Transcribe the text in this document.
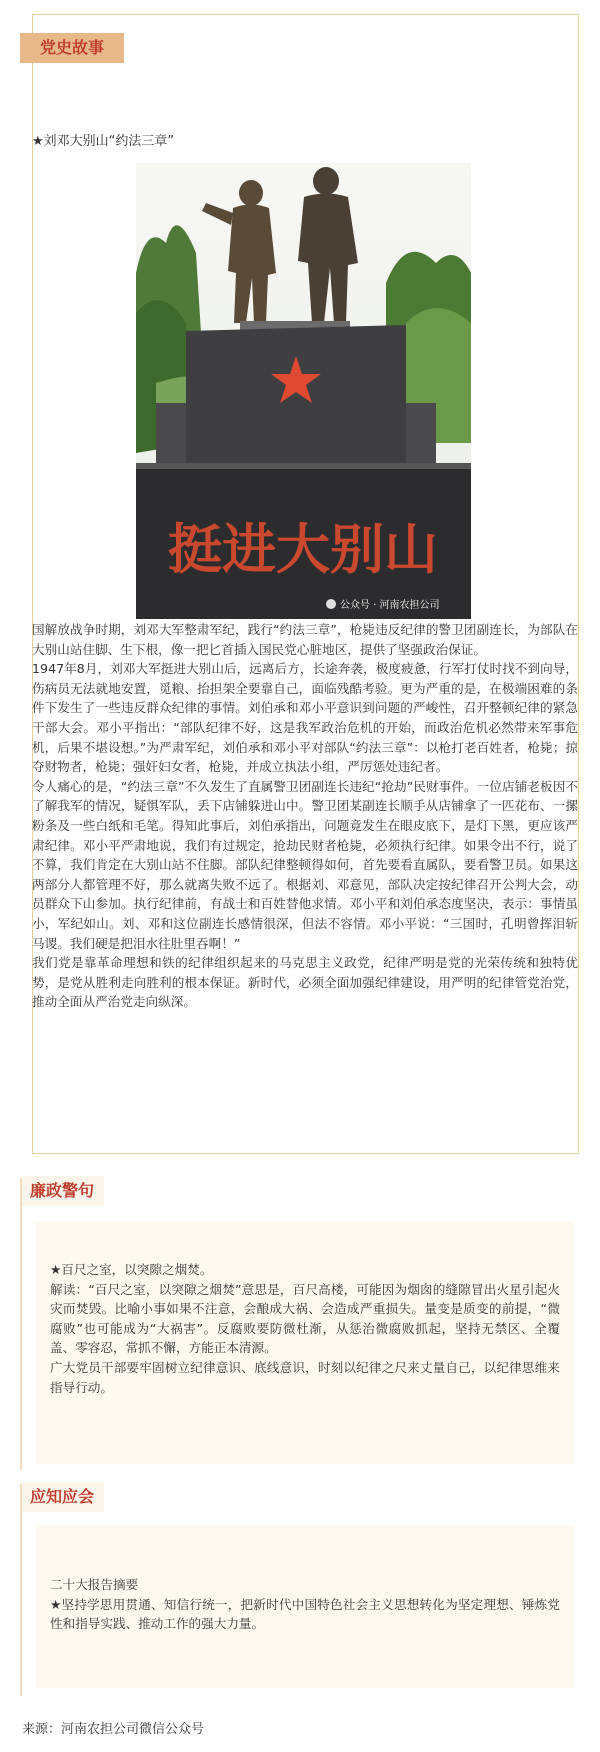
党史故事
★刘邓大别山“约法三章”
挺进大别山
公众号 · 河南农担公司

国解放战争时期，刘邓大军整肃军纪，践行“约法三章”，枪毙违反纪律的警卫团副连长，为部队在大别山站住脚、生下根，像一把匕首插入国民党心脏地区，提供了坚强政治保证。

1947年8月，刘邓大军挺进大别山后，远离后方，长途奔袭，极度疲惫，行军打仗时找不到向导，伤病员无法就地安置，觅粮、抬担架全要靠自己，面临残酷考验。更为严重的是，在极端困难的条件下发生了一些违反群众纪律的事情。刘伯承和邓小平意识到问题的严峻性，召开整顿纪律的紧急干部大会。邓小平指出：“部队纪律不好，这是我军政治危机的开始，而政治危机必然带来军事危机，后果不堪设想。”为严肃军纪，刘伯承和邓小平对部队“约法三章”：以枪打老百姓者，枪毙；掠夺财物者，枪毙；强奸妇女者，枪毙，并成立执法小组，严厉惩处违纪者。

令人痛心的是，“约法三章”不久发生了直属警卫团副连长违纪“抢劫”民财事件。一位店铺老板因不了解我军的情况，疑惧军队，丢下店铺躲进山中。警卫团某副连长顺手从店铺拿了一匹花布、一摞粉条及一些白纸和毛笔。得知此事后，刘伯承指出，问题竟发生在眼皮底下，是灯下黑，更应该严肃纪律。邓小平严肃地说，我们有过规定，抢劫民财者枪毙，必须执行纪律。如果令出不行，说了不算，我们肯定在大别山站不住脚。部队纪律整顿得如何，首先要看直属队，要看警卫员。如果这两部分人都管理不好，那么就离失败不远了。根据刘、邓意见，部队决定按纪律召开公判大会，动员群众下山参加。执行纪律前，有战士和百姓替他求情。邓小平和刘伯承态度坚决，表示：事情虽小，军纪如山。刘、邓和这位副连长感情很深，但法不容情。邓小平说：“三国时，孔明曾挥泪斩马谡。我们硬是把泪水往肚里吞啊！”

我们党是靠革命理想和铁的纪律组织起来的马克思主义政党，纪律严明是党的光荣传统和独特优势，是党从胜利走向胜利的根本保证。新时代，必须全面加强纪律建设，用严明的纪律管党治党，推动全面从严治党走向纵深。

廉政警句

★百尺之室，以突隙之烟焚。

解读：“百尺之室，以突隙之烟焚”意思是，百尺高楼，可能因为烟囱的缝隙冒出火星引起火灾而焚毁。比喻小事如果不注意，会酿成大祸、会造成严重损失。量变是质变的前提，“微腐败”也可能成为“大祸害”。反腐败要防微杜渐，从惩治微腐败抓起，坚持无禁区、全覆盖、零容忍，常抓不懈，方能正本清源。

广大党员干部要牢固树立纪律意识、底线意识，时刻以纪律之尺来丈量自己，以纪律思维来指导行动。

应知应会

二十大报告摘要

★坚持学思用贯通、知信行统一，把新时代中国特色社会主义思想转化为坚定理想、锤炼党性和指导实践、推动工作的强大力量。

来源：河南农担公司微信公众号
